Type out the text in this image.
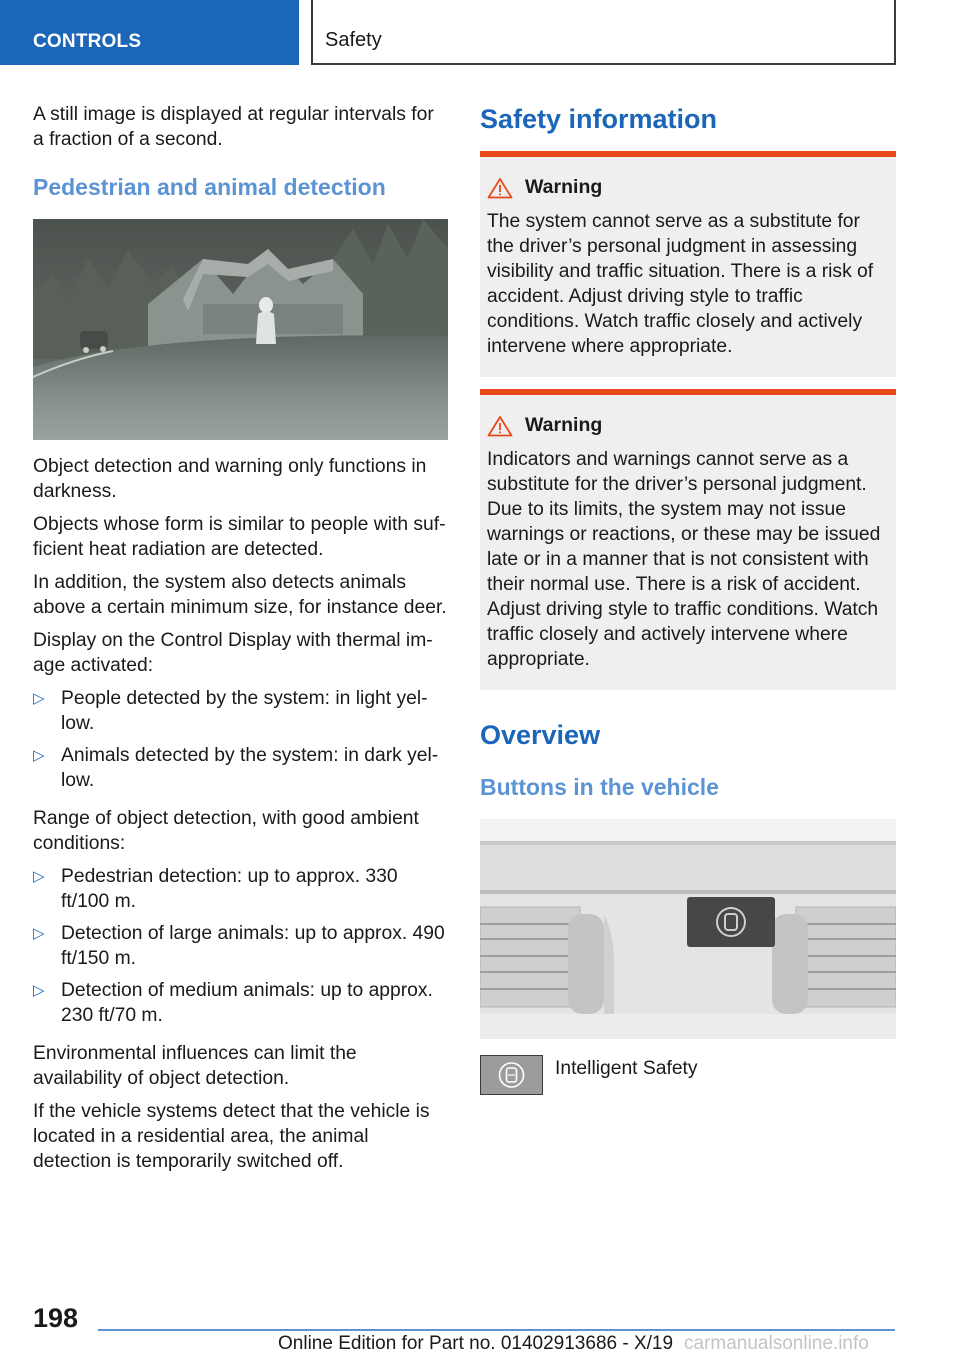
CONTROLS	Safety

A still image is displayed at regular intervals for a fraction of a second.

Pedestrian and animal detection

Object detection and warning only functions in darkness.

Objects whose form is similar to people with sufficient heat radiation are detected.

In addition, the system also detects animals above a certain minimum size, for instance deer.

Display on the Control Display with thermal image activated:

▷ People detected by the system: in light yellow.
▷ Animals detected by the system: in dark yellow.

Range of object detection, with good ambient conditions:

▷ Pedestrian detection: up to approx. 330 ft/100 m.
▷ Detection of large animals: up to approx. 490 ft/150 m.
▷ Detection of medium animals: up to approx. 230 ft/70 m.

Environmental influences can limit the availability of object detection.

If the vehicle systems detect that the vehicle is located in a residential area, the animal detection is temporarily switched off.

Safety information
Warning

The system cannot serve as a substitute for the driver’s personal judgment in assessing visibility and traffic situation. There is a risk of accident. Adjust driving style to traffic conditions. Watch traffic closely and actively intervene where appropriate.

Warning

Indicators and warnings cannot serve as a substitute for the driver’s personal judgment. Due to its limits, the system may not issue warnings or reactions, or these may be issued late or in a manner that is not consistent with their normal use. There is a risk of accident. Adjust driving style to traffic conditions. Watch traffic closely and actively intervene where appropriate.

Overview
Buttons in the vehicle
Intelligent Safety
198
Online Edition for Part no. 01402913686 - X/19 carmanualsonline.info
